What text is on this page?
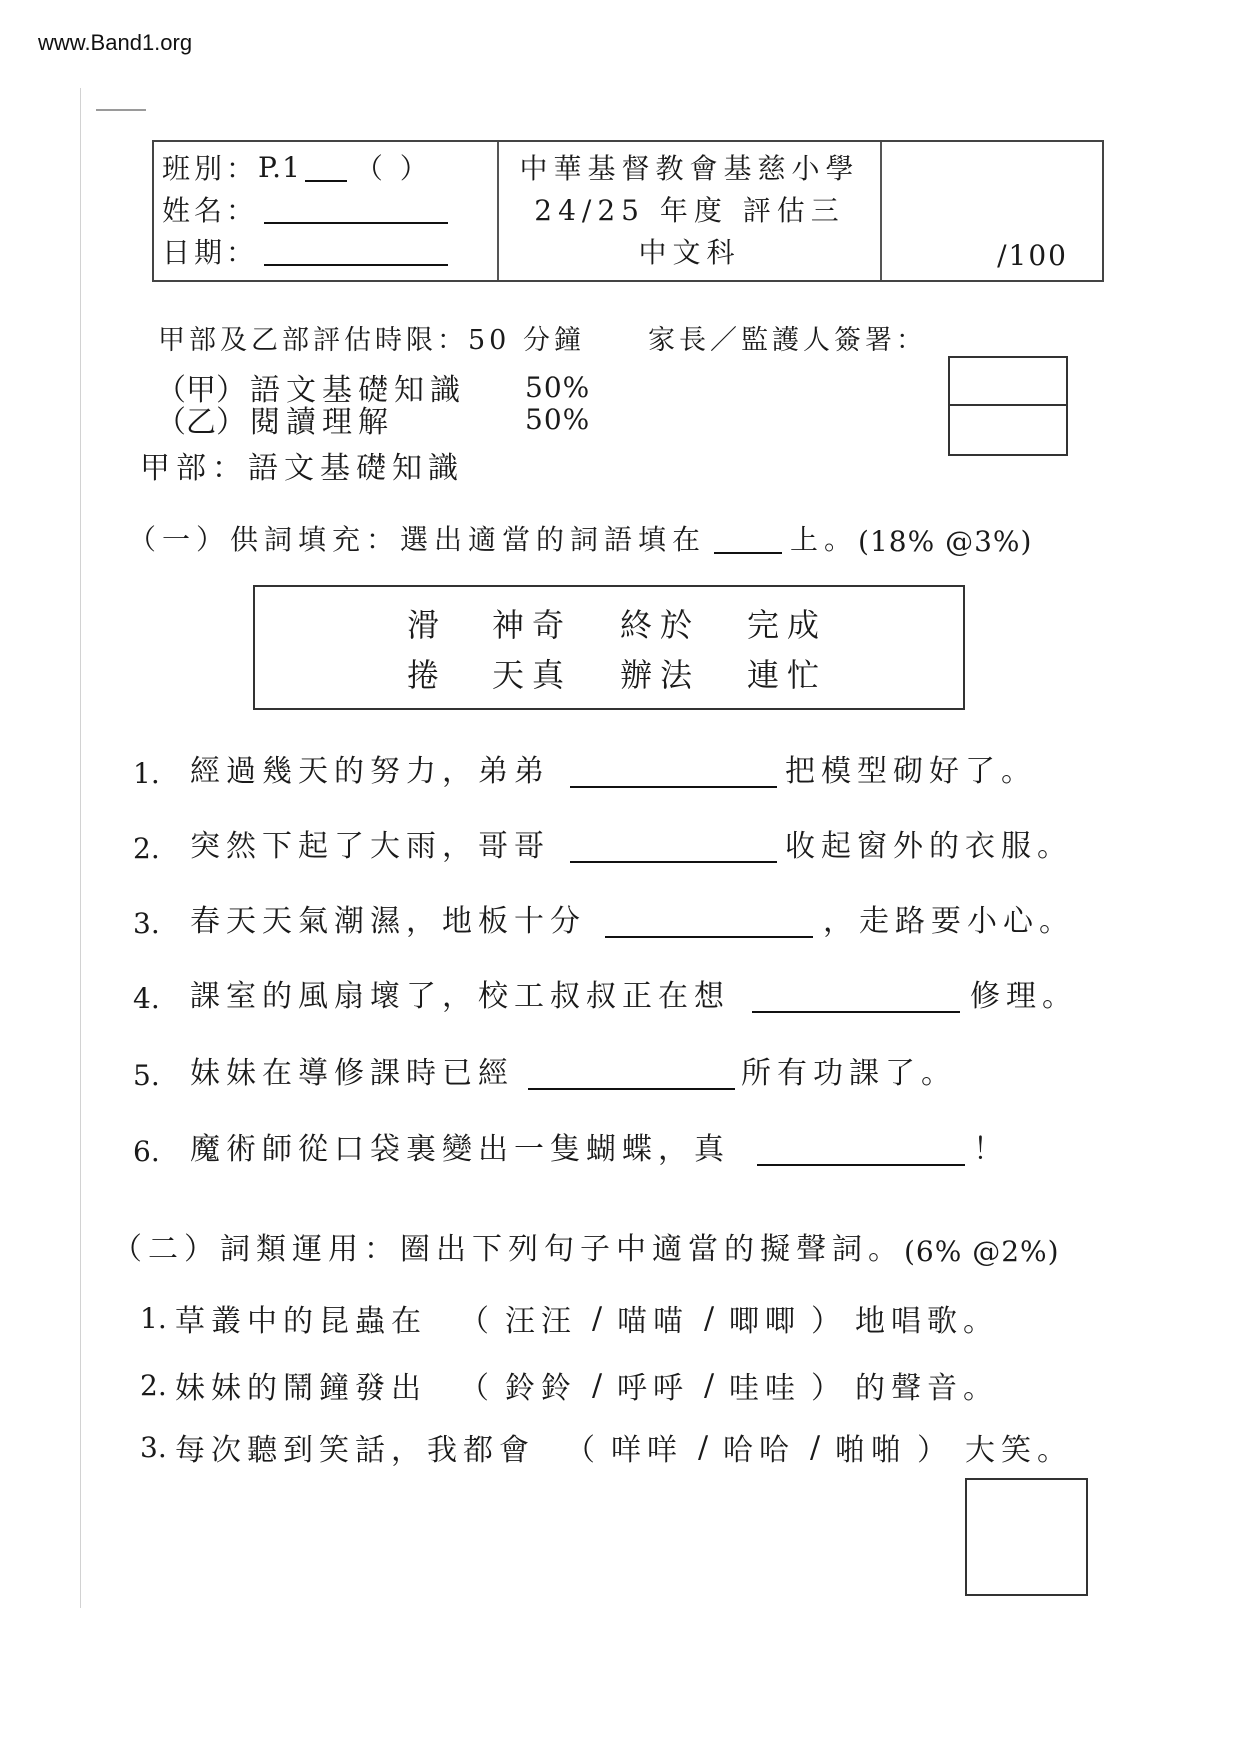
www.Band1.org
班別： P.1 （ ）
姓名：
日期：
中華基督教會基慈小學
24/25 年度 評估三
中文科	/100
甲部及乙部評估時限：50 分鐘 家長／監護人簽署：
（甲） 語文基礎知識	50%
（乙） 閱讀理解	50%
甲部：語文基礎知識
（一）供詞填充：選出適當的詞語填在	上。 (18% @3%)
滑 神奇 終於 完成
捲 天真 辦法 連忙
1.	經過幾天的努力，弟弟	把模型砌好了。
2.	突然下起了大雨，哥哥	收起窗外的衣服。
3.	春天天氣潮濕，地板十分	，走路要小心。
4.	課室的風扇壞了，校工叔叔正在想	修理。
5.	妹妹在導修課時已經	所有功課了。
6.	魔術師從口袋裏變出一隻蝴蝶，真	！
（二）詞類運用：圈出下列句子中適當的擬聲詞。 (6% @2%)
1. 草叢中的昆蟲在 （ 汪汪 / 喵喵 / 唧唧 ） 地唱歌。
2. 妹妹的鬧鐘發出 （ 鈴鈴 / 呼呼 / 哇哇 ） 的聲音。
3. 每次聽到笑話，我都會 （ 咩咩 / 哈哈 / 啪啪 ） 大笑。
